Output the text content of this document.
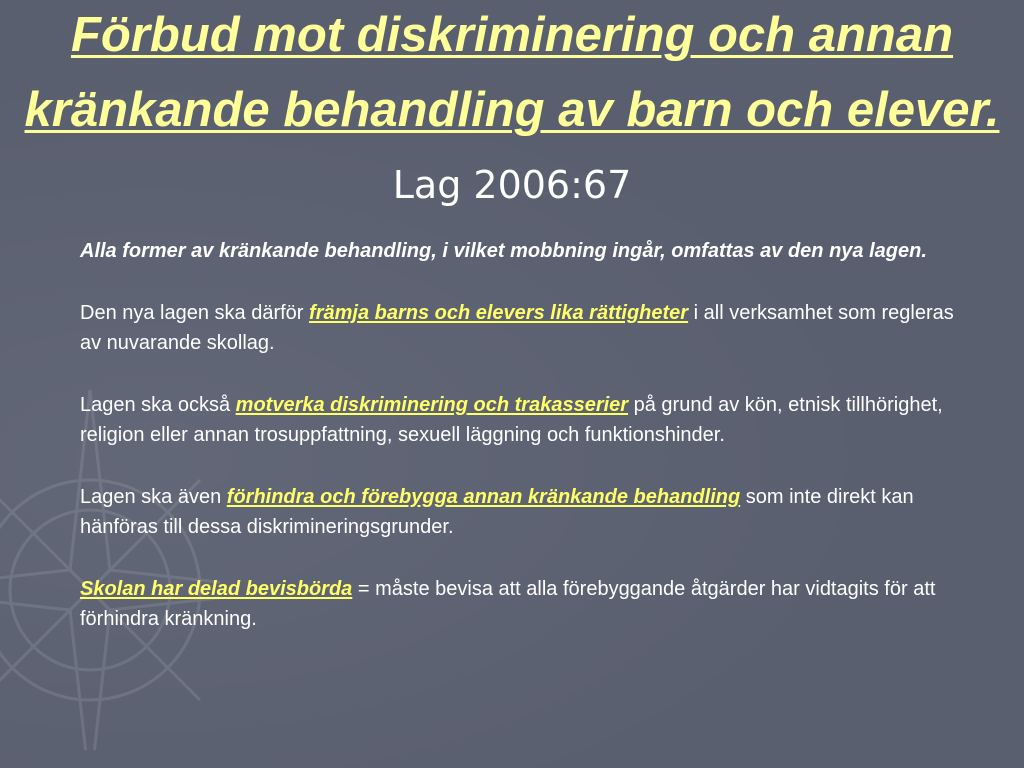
Förbud mot diskriminering och annan kränkande behandling av barn och elever. Lag 2006:67

Alla former av kränkande behandling, i vilket mobbning ingår, omfattas av den nya lagen.

Den nya lagen ska därför främja barns och elevers lika rättigheter i all verksamhet som regleras av nuvarande skollag.

Lagen ska också motverka diskriminering och trakasserier på grund av kön, etnisk tillhörighet, religion eller annan trosuppfattning, sexuell läggning och funktionshinder.

Lagen ska även förhindra och förebygga annan kränkande behandling som inte direkt kan hänföras till dessa diskrimineringsgrunder.

Skolan har delad bevisbörda = måste bevisa att alla förebyggande åtgärder har vidtagits för att förhindra kränkning.
